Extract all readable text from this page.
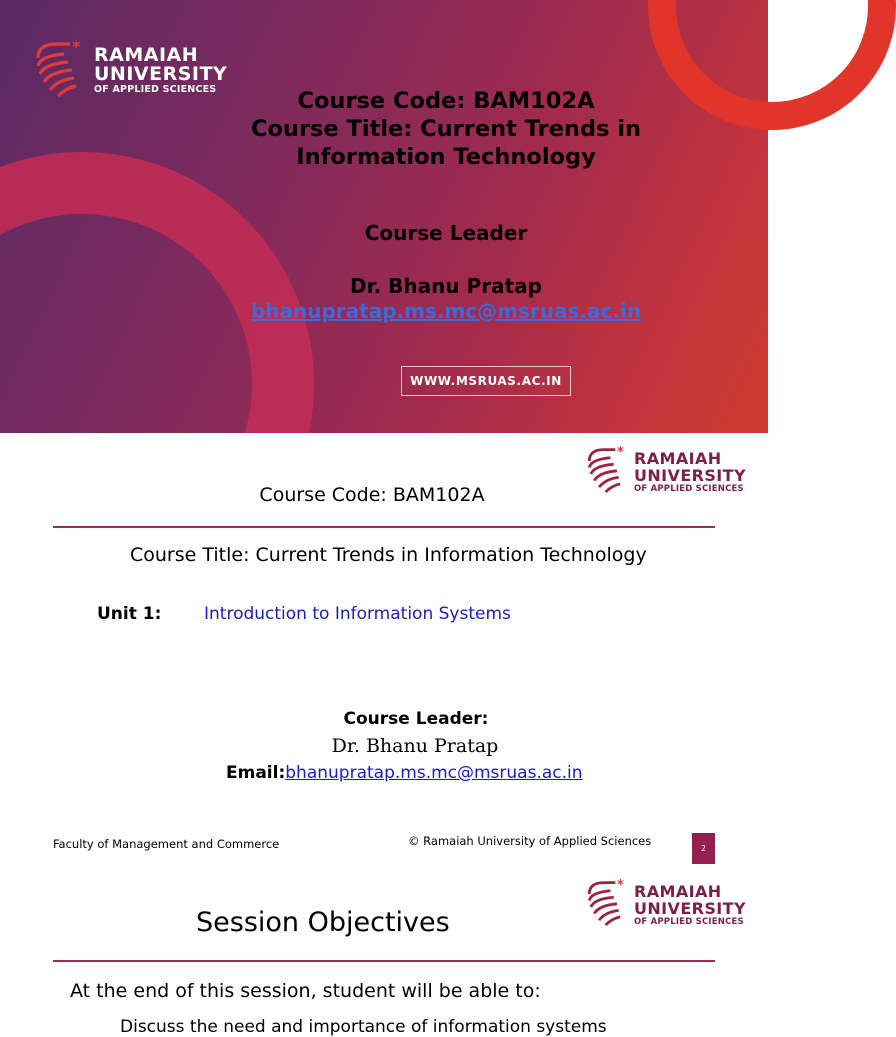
* RAMAIAH
UNIVERSITY
OF APPLIED SCIENCES	Course Code: BAM102A
Course Title: Current Trends in
Information Technology
Course Leader
Dr. Bhanu Pratap
bhanupratap.ms.mc@msruas.ac.in
WWW.MSRUAS.AC.IN
* RAMAIAH
UNIVERSITY
OF APPLIED SCIENCES
Course Code: BAM102A
Course Title: Current Trends in Information Technology
Unit 1:	Introduction to Information Systems
Course Leader:
Dr. Bhanu Pratap
Email:bhanupratap.ms.mc@msruas.ac.in
Faculty of Management and Commerce	© Ramaiah University of Applied Sciences
2
* RAMAIAH
UNIVERSITY
OF APPLIED SCIENCES
Session Objectives
At the end of this session, student will be able to:
Discuss the need and importance of information systems
